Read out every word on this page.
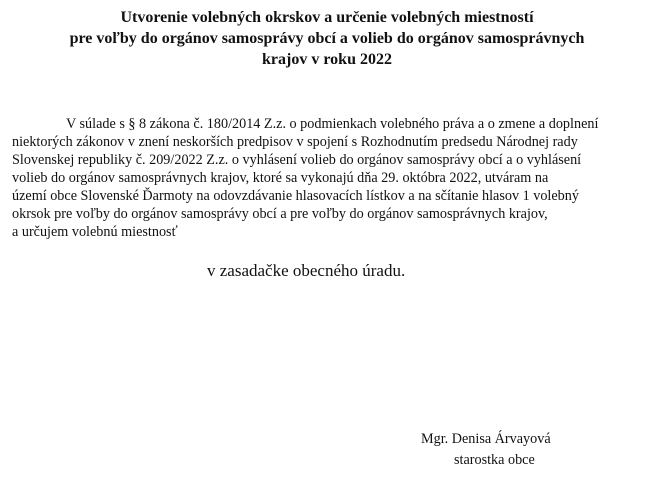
Utvorenie volebných okrskov a určenie volebných miestností
pre voľby do orgánov samosprávy obcí a volieb do orgánov samosprávnych
krajov v roku 2022
V súlade s § 8 zákona č. 180/2014 Z.z. o podmienkach volebného práva a o zmene a doplnení
niektorých zákonov v znení neskorších predpisov v spojení s Rozhodnutím predsedu Národnej rady
Slovenskej republiky č. 209/2022 Z.z. o vyhlásení volieb do orgánov samosprávy obcí a o vyhlásení
volieb do orgánov samosprávnych krajov, ktoré sa vykonajú dňa 29. októbra 2022, utváram na
území obce Slovenské Ďarmoty na odovzdávanie hlasovacích lístkov a na sčítanie hlasov 1 volebný
okrsok pre voľby do orgánov samosprávy obcí a pre voľby do orgánov samosprávnych krajov,
a určujem volebnú miestnosť
v zasadačke obecného úradu.
Mgr. Denisa Árvayová
starostka obce
